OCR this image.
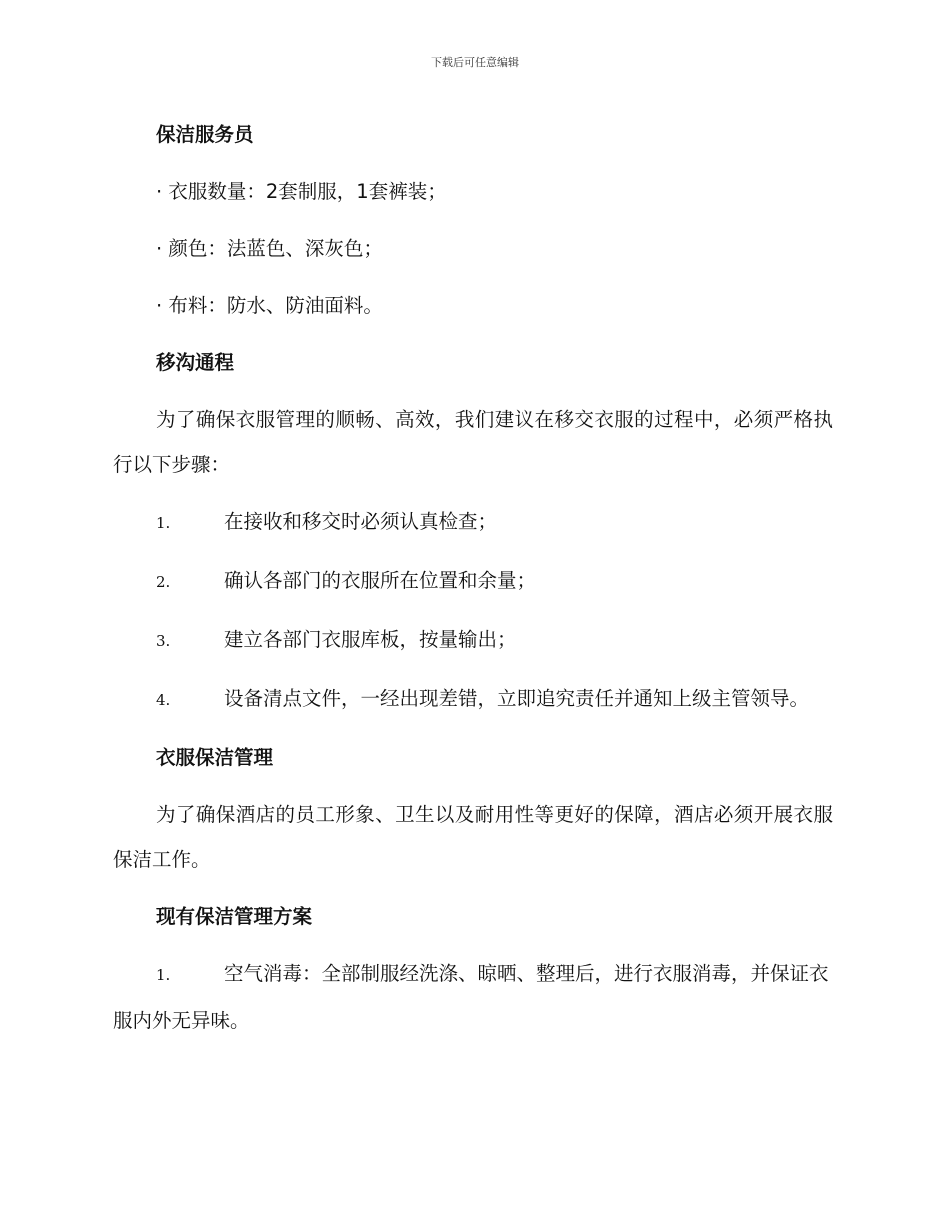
下载后可任意编辑
保洁服务员
· 衣服数量：2套制服，1套裤装；
· 颜色：法蓝色、深灰色；
· 布料：防水、防油面料。
移沟通程
为了确保衣服管理的顺畅、高效，我们建议在移交衣服的过程中，必须严格执行以下步骤：
1.	在接收和移交时必须认真检查；
2.	确认各部门的衣服所在位置和余量；
3.	建立各部门衣服库板，按量输出；
4.	设备清点文件，一经出现差错，立即追究责任并通知上级主管领导。
衣服保洁管理
为了确保酒店的员工形象、卫生以及耐用性等更好的保障，酒店必须开展衣服保洁工作。
现有保洁管理方案
1.	空气消毒：全部制服经洗涤、晾晒、整理后，进行衣服消毒，并保证衣服内外无异味。
